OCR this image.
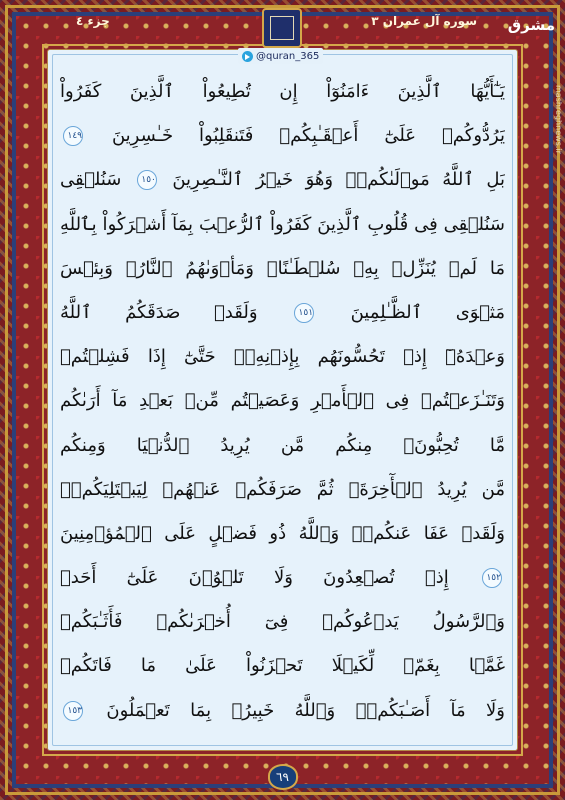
جزء ٤	سوره آل عمران ۳ مشرق
mashreghnews.ir
@quran_365
يَـٰٓأَيُّهَا ٱلَّذِينَ ءَامَنُوٓاْ إِن تُطِيعُواْ ٱلَّذِينَ كَفَرُواْ
يَرُدُّوكُمۡ عَلَىٰٓ أَعۡقَـٰبِكُمۡ فَتَنقَلِبُواْ خَـٰسِرِينَ ١٤٩
بَلِ ٱللَّهُ مَوۡلَىٰكُمۡۖ وَهُوَ خَيۡرُ ٱلنَّـٰصِرِينَ ١٥٠ سَنُلۡقِى
سَنُلۡقِى فِى قُلُوبِ ٱلَّذِينَ كَفَرُواْ ٱلرُّعۡبَ بِمَآ أَشۡرَكُواْ بِٱللَّهِ
مَا لَمۡ يُنَزِّلۡ بِهِۦ سُلۡطَـٰنًاۖ وَمَأۡوَىٰهُمُ ٱلنَّارُۖ وَبِئۡسَ
مَثۡوَى ٱلظَّـٰلِمِينَ ١٥١ وَلَقَدۡ صَدَقَكُمُ ٱللَّهُ
وَعۡدَهُۥٓ إِذۡ تَحُسُّونَهُم بِإِذۡنِهِۦۖ حَتَّىٰٓ إِذَا فَشِلۡتُمۡ
وَتَنَـٰزَعۡتُمۡ فِى ٱلۡأَمۡرِ وَعَصَيۡتُم مِّنۢ بَعۡدِ مَآ أَرَىٰكُم
مَّا تُحِبُّونَۚ مِنكُم مَّن يُرِيدُ ٱلدُّنۡيَا وَمِنكُم
مَّن يُرِيدُ ٱلۡأٓخِرَةَۚ ثُمَّ صَرَفَكُمۡ عَنۡهُمۡ لِيَبۡتَلِيَكُمۡۖ
وَلَقَدۡ عَفَا عَنكُمۡۗ وَٱللَّهُ ذُو فَضۡلٍ عَلَى ٱلۡمُؤۡمِنِينَ
١٥٢ إِذۡ تُصۡعِدُونَ وَلَا تَلۡوُۥنَ عَلَىٰٓ أَحَدٖ
وَٱلرَّسُولُ يَدۡعُوكُمۡ فِىٓ أُخۡرَىٰكُمۡ فَأَثَـٰبَكُمۡ
غَمَّۢا بِغَمّٖ لِّكَيۡلَا تَحۡزَنُواْ عَلَىٰ مَا فَاتَكُمۡ
وَلَا مَآ أَصَـٰبَكُمۡۗ وَٱللَّهُ خَبِيرُۢ بِمَا تَعۡمَلُونَ ١٥٣
٦٩
